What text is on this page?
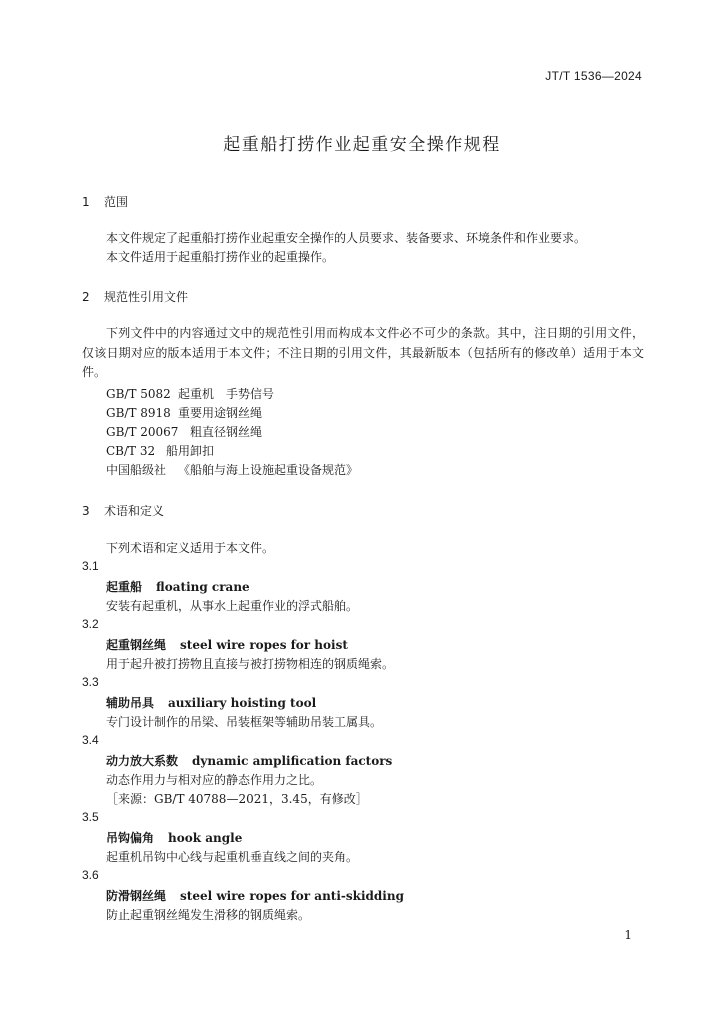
JT/T 1536—2024
起重船打捞作业起重安全操作规程
1 范围
本文件规定了起重船打捞作业起重安全操作的人员要求、装备要求、环境条件和作业要求。
本文件适用于起重船打捞作业的起重操作。
2 规范性引用文件
下列文件中的内容通过文中的规范性引用而构成本文件必不可少的条款。其中，注日期的引用文件，仅该日期对应的版本适用于本文件；不注日期的引用文件，其最新版本（包括所有的修改单）适用于本文件。
GB/T 5082 起重机　手势信号
GB/T 8918 重要用途钢丝绳
GB/T 20067 粗直径钢丝绳
CB/T 32 船用卸扣
中国船级社 《船舶与海上设施起重设备规范》
3 术语和定义
下列术语和定义适用于本文件。
3.1
起重船 floating crane
安装有起重机，从事水上起重作业的浮式船舶。
3.2
起重钢丝绳 steel wire ropes for hoist
用于起升被打捞物且直接与被打捞物相连的钢质绳索。
3.3
辅助吊具 auxiliary hoisting tool
专门设计制作的吊梁、吊装框架等辅助吊装工属具。
3.4
动力放大系数 dynamic amplification factors
动态作用力与相对应的静态作用力之比。
［来源：GB/T 40788—2021，3.45，有修改］
3.5
吊钩偏角 hook angle
起重机吊钩中心线与起重机垂直线之间的夹角。
3.6
防滑钢丝绳 steel wire ropes for anti-skidding
防止起重钢丝绳发生滑移的钢质绳索。
1
